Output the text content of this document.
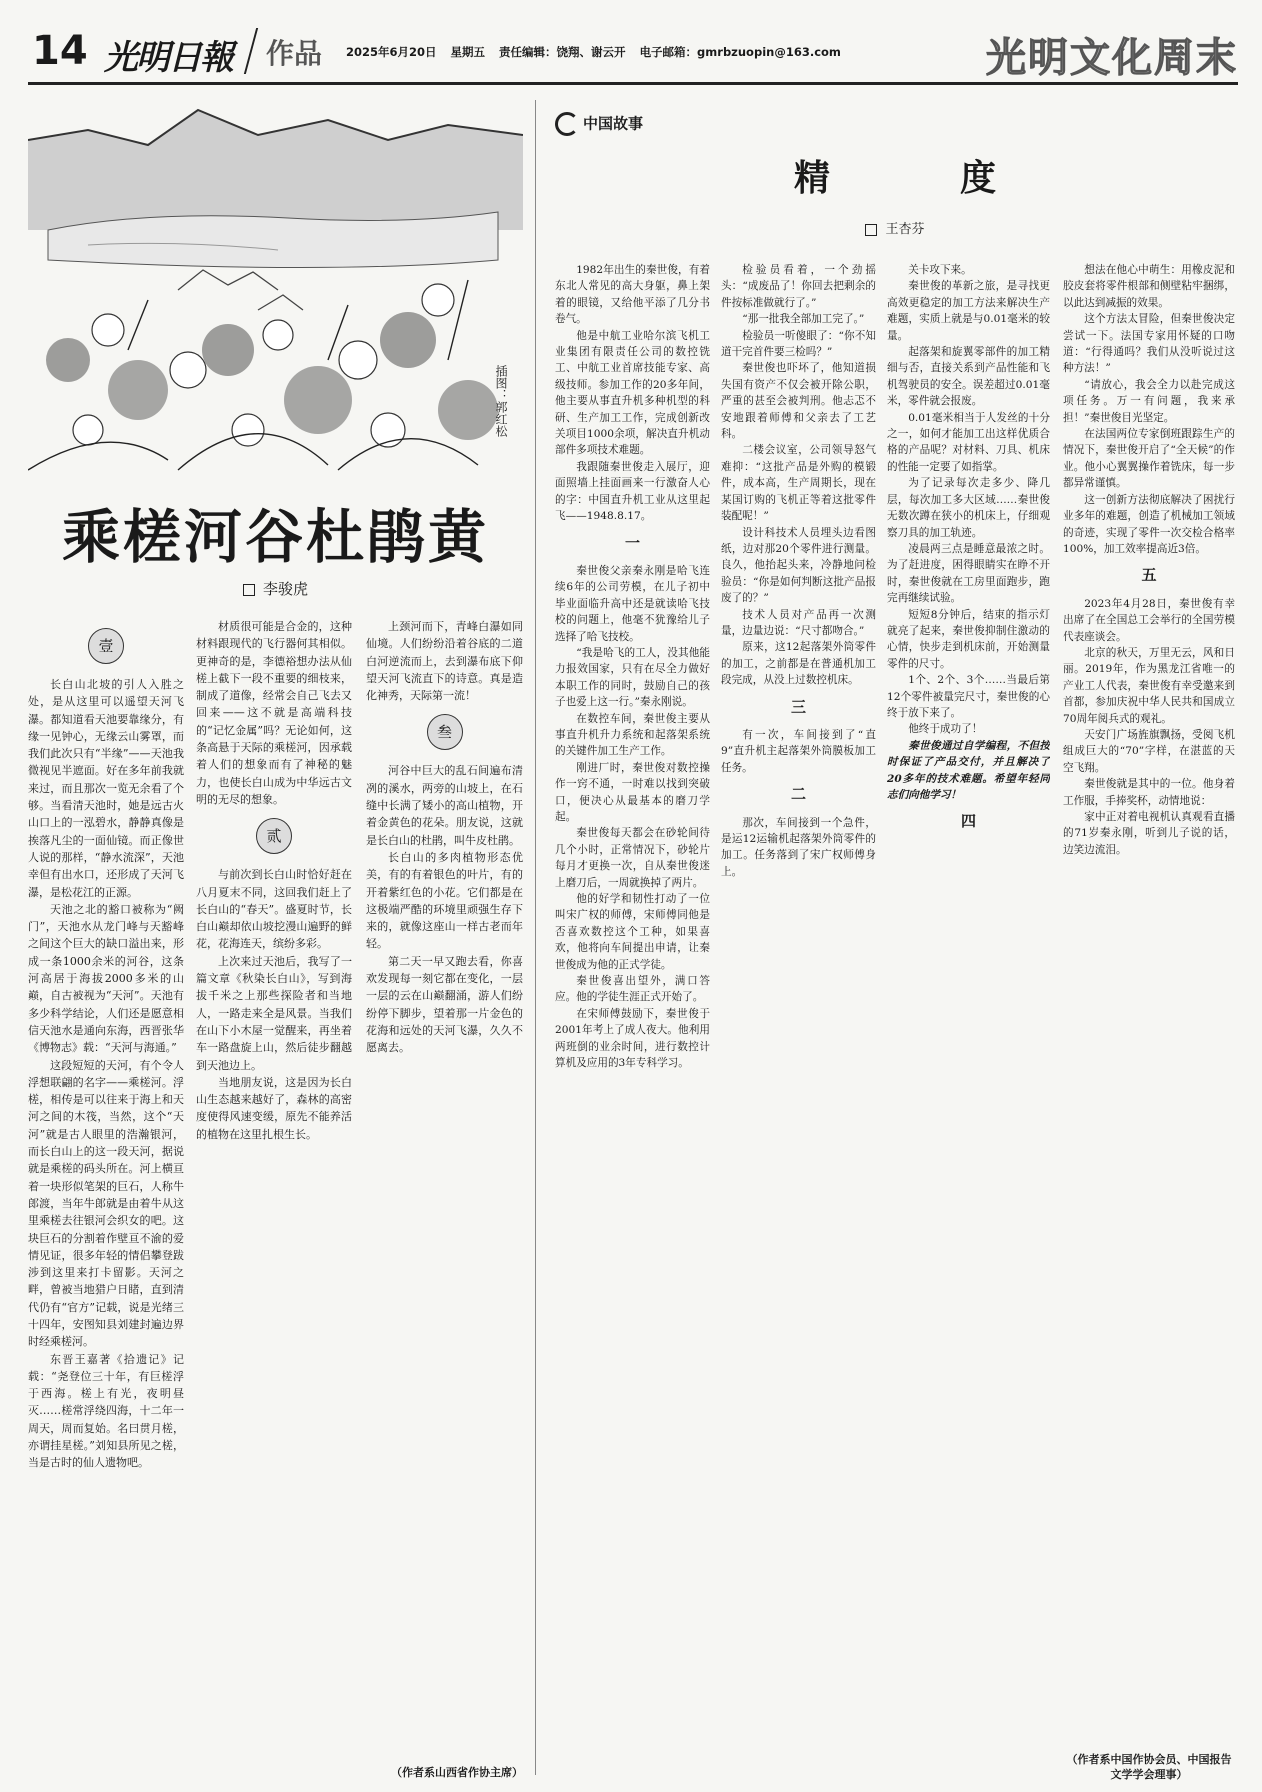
14 光明日報 作品 2025年6月20日 星期五 责任编辑：饶翔、谢云开 电子邮箱：gmrbzuopin@163.com	光明文化周末
插图：郭红松
乘槎河谷杜鹃黄
李骏虎
壹

长白山北坡的引人入胜之处，是从这里可以遥望天河飞瀑。都知道看天池要靠缘分，有缘一见钟心，无缘云山雾罩，而我们此次只有“半缘”——天池我微视见半遮面。好在多年前我就来过，而且那次一览无余看了个够。当看清天池时，她是远古火山口上的一泓碧水，静静真像是挨落凡尘的一面仙镜。而正像世人说的那样，“静水流深”，天池幸但有出水口，还形成了天河飞瀑，是松花江的正源。

天池之北的豁口被称为“阙门”，天池水从龙门峰与天豁峰之间这个巨大的缺口溢出来，形成一条1000余米的河谷，这条河高居于海拔2000多米的山巅，自古被视为“天河”。天池有多少科学结论，人们还是愿意相信天池水是通向东海，西晋张华《博物志》载：“天河与海通。”

这段短短的天河，有个令人浮想联翩的名字——乘槎河。浮槎，相传是可以往来于海上和天河之间的木筏，当然，这个“天河”就是古人眼里的浩瀚银河，而长白山上的这一段天河，据说就是乘槎的码头所在。河上横亘着一块形似笔架的巨石，人称牛郎渡，当年牛郎就是由着牛从这里乘槎去往银河会织女的吧。这块巨石的分割着作壁亘不渝的爱情见证，很多年轻的情侣攀登跋涉到这里来打卡留影。天河之畔，曾被当地猎户日睹，直到清代仍有“官方”记载，说是光绪三十四年，安图知县刘建封遍边界时经乘槎河。

东晋王嘉著《拾遗记》记载：“尧登位三十年，有巨槎浮于西海。槎上有光，夜明昼灭……槎常浮绕四海，十二年一周天，周而复始。名曰贯月槎，亦谓挂星槎。”刘知县所见之槎，当是古时的仙人遗物吧。

材质很可能是合金的，这种材料跟现代的飞行器何其相似。更神奇的是，李德裕想办法从仙槎上截下一段不重要的细枝来，制成了道像，经常会自己飞去又回来——这不就是高端科技的“记忆金属”吗？无论如何，这条高悬于天际的乘槎河，因承载着人们的想象而有了神秘的魅力，也使长白山成为中华远古文明的无尽的想象。

贰

与前次到长白山时恰好赶在八月夏末不同，这回我们赶上了长白山的“春天”。盛夏时节，长白山巅却依山坡挖漫山遍野的鲜花，花海连天，缤纷多彩。

上次来过天池后，我写了一篇文章《秋染长白山》，写到海拔千米之上那些探险者和当地人，一路走来全是风景。当我们在山下小木屋一觉醒来，再坐着车一路盘旋上山，然后徒步翻越到天池边上。

当地朋友说，这是因为长白山生态越来越好了，森林的高密度使得风速变缓，原先不能养活的植物在这里扎根生长。

上颈河而下，青峰白瀑如同仙境。人们纷纷沿着谷底的二道白河逆流而上，去到瀑布底下仰望天河飞流直下的诗意。真是造化神秀，天际第一流！

叁

河谷中巨大的乱石间遍布清冽的溪水，两旁的山坡上，在石缝中长满了矮小的高山植物，开着金黄色的花朵。朋友说，这就是长白山的杜鹃，叫牛皮杜鹃。

长白山的多肉植物形态优美，有的有着银色的叶片，有的开着紫红色的小花。它们都是在这极端严酷的环境里顽强生存下来的，就像这座山一样古老而年轻。

第二天一早又跑去看，你喜欢发现每一刻它都在变化，一层一层的云在山巅翻涌，游人们纷纷停下脚步，望着那一片金色的花海和远处的天河飞瀑，久久不愿离去。

（作者系山西省作协主席）
中国故事
精度
王杏芬

1982年出生的秦世俊，有着东北人常见的高大身躯，鼻上架着的眼镜，又给他平添了几分书卷气。

他是中航工业哈尔滨飞机工业集团有限责任公司的数控铣工、中航工业首席技能专家、高级技师。参加工作的20多年间，他主要从事直升机多种机型的科研、生产加工工作，完成创新改关项目1000余项，解决直升机动部件多项技术难题。

我跟随秦世俊走入展厅，迎面照墙上挂面画来一行激奋人心的字：中国直升机工业从这里起飞——1948.8.17。

一

秦世俊父亲秦永刚是哈飞连续6年的公司劳模，在儿子初中毕业面临升高中还是就读哈飞技校的问题上，他毫不犹豫给儿子选择了哈飞技校。

“我是哈飞的工人，没其他能力报效国家，只有在尽全力做好本职工作的同时，鼓励自己的孩子也爱上这一行。”秦永刚说。

在数控车间，秦世俊主要从事直升机升力系统和起落架系统的关键件加工生产工作。

刚进厂时，秦世俊对数控操作一窍不通，一时难以找到突破口，便决心从最基本的磨刀学起。

秦世俊每天都会在砂轮间待几个小时，正常情况下，砂轮片每月才更换一次，自从秦世俊迷上磨刀后，一周就换掉了两片。

他的好学和韧性打动了一位叫宋广权的师傅，宋师傅同他是否喜欢数控这个工种，如果喜欢，他将向车间提出申请，让秦世俊成为他的正式学徒。

秦世俊喜出望外，满口答应。他的学徒生涯正式开始了。

在宋师傅鼓励下，秦世俊于2001年考上了成人夜大。他利用两班倒的业余时间，进行数控计算机及应用的3年专科学习。

检验员看着，一个劲摇头：“成废品了！你回去把剩余的件按标准做就行了。”

“那一批我全部加工完了。”

检验员一听傻眼了：“你不知道干完首件要三检吗？”

秦世俊也吓坏了，他知道损失国有资产不仅会被开除公职，严重的甚至会被判刑。他忐忑不安地跟着师傅和父亲去了工艺科。

二楼会议室，公司领导怒气难抑：“这批产品是外购的模锻件，成本高，生产周期长，现在某国订购的飞机正等着这批零件装配呢！”

设计科技术人员埋头边看图纸，边对那20个零件进行测量。良久，他抬起头来，冷静地问检验员：“你是如何判断这批产品报废了的？”

技术人员对产品再一次测量，边量边说：“尺寸都吻合。”

原来，这12起落架外筒零件的加工，之前都是在普通机加工段完成，从没上过数控机床。

三

有一次，车间接到了“直9”直升机主起落架外筒膜板加工任务。

二

那次，车间接到一个急件，是运12运输机起落架外筒零件的加工。任务落到了宋广权师傅身上。

关卡攻下来。

秦世俊的革新之旅，是寻找更高效更稳定的加工方法来解决生产难题，实质上就是与0.01毫米的较量。

起落架和旋翼零部件的加工精细与否，直接关系到产品性能和飞机驾驶员的安全。误差超过0.01毫米，零件就会报废。

0.01毫米相当于人发丝的十分之一，如何才能加工出这样优质合格的产品呢？对材料、刀具、机床的性能一定要了如指掌。

为了记录每次走多少、降几层，每次加工多大区域……秦世俊无数次蹲在狭小的机床上，仔细观察刀具的加工轨迹。

凌晨两三点是睡意最浓之时。为了赶进度，困得眼睛实在睁不开时，秦世俊就在工房里面跑步，跑完再继续试验。

短短8分钟后，结束的指示灯就亮了起来，秦世俊抑制住激动的心情，快步走到机床前，开始测量零件的尺寸。

1个、2个、3个……当最后第12个零件被量完尺寸，秦世俊的心终于放下来了。

他终于成功了！

秦世俊通过自学编程，不但按时保证了产品交付，并且解决了20多年的技术难题。希望年轻同志们向他学习！

四

想法在他心中萌生：用橡皮泥和胶皮套将零件根部和侧壁粘牢捆绑，以此达到减振的效果。

这个方法太冒险，但秦世俊决定尝试一下。法国专家用怀疑的口吻道：“行得通吗？我们从没听说过这种方法！”

“请放心，我会全力以赴完成这项任务。万一有问题，我来承担！”秦世俊目光坚定。

在法国两位专家倒班跟踪生产的情况下，秦世俊开启了“全天候”的作业。他小心翼翼操作着铣床，每一步都异常谨慎。

这一创新方法彻底解决了困扰行业多年的难题，创造了机械加工领域的奇迹，实现了零件一次交检合格率100%，加工效率提高近3倍。

五

2023年4月28日，秦世俊有幸出席了在全国总工会举行的全国劳模代表座谈会。

北京的秋天，万里无云，风和日丽。2019年，作为黑龙江省唯一的产业工人代表，秦世俊有幸受邀来到首都，参加庆祝中华人民共和国成立70周年阅兵式的观礼。

天安门广场旌旗飘扬，受阅飞机组成巨大的“70”字样，在湛蓝的天空飞翔。

秦世俊就是其中的一位。他身着工作服，手捧奖杯，动情地说：

家中正对着电视机认真观看直播的71岁秦永刚，听到儿子说的话，边笑边流泪。

（作者系中国作协会员、中国报告文学学会理事）
